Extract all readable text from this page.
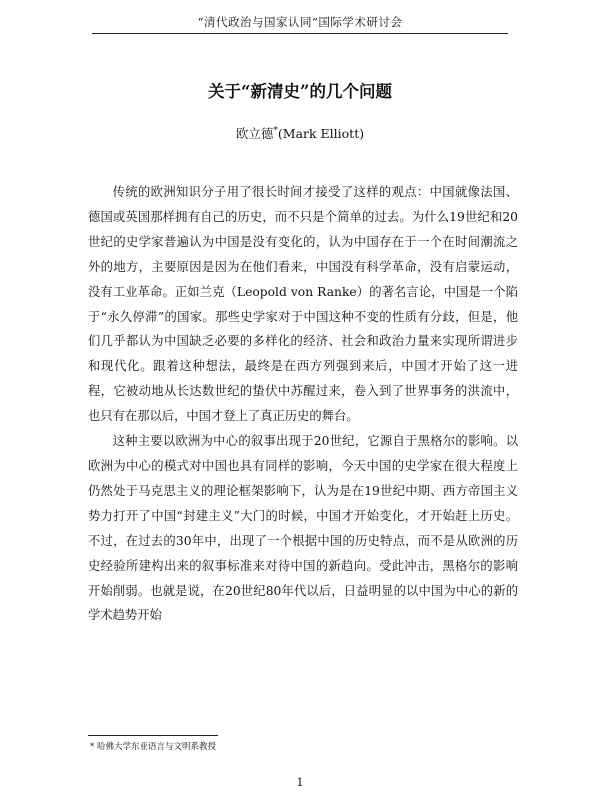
“清代政治与国家认同”国际学术研讨会
关于“新清史”的几个问题
欧立德*(Mark Elliott)

传统的欧洲知识分子用了很长时间才接受了这样的观点：中国就像法国、德国或英国那样拥有自己的历史，而不只是个简单的过去。为什么19世纪和20世纪的史学家普遍认为中国是没有变化的，认为中国存在于一个在时间潮流之外的地方，主要原因是因为在他们看来，中国没有科学革命，没有启蒙运动，没有工业革命。正如兰克（Leopold von Ranke）的著名言论，中国是一个陷于“永久停滞”的国家。那些史学家对于中国这种不变的性质有分歧，但是，他们几乎都认为中国缺乏必要的多样化的经济、社会和政治力量来实现所谓进步和现代化。跟着这种想法，最终是在西方列强到来后，中国才开始了这一进程，它被动地从长达数世纪的蛰伏中苏醒过来，卷入到了世界事务的洪流中，也只有在那以后，中国才登上了真正历史的舞台。

这种主要以欧洲为中心的叙事出现于20世纪，它源自于黑格尔的影响。以欧洲为中心的模式对中国也具有同样的影响，今天中国的史学家在很大程度上仍然处于马克思主义的理论框架影响下，认为是在19世纪中期、西方帝国主义势力打开了中国“封建主义”大门的时候，中国才开始变化，才开始赶上历史。不过，在过去的30年中，出现了一个根据中国的历史特点，而不是从欧洲的历史经验所建构出来的叙事标准来对待中国的新趋向。受此冲击，黑格尔的影响开始削弱。也就是说，在20世纪80年代以后，日益明显的以中国为中心的新的学术趋势开始

* 哈佛大学东亚语言与文明系教授
1
